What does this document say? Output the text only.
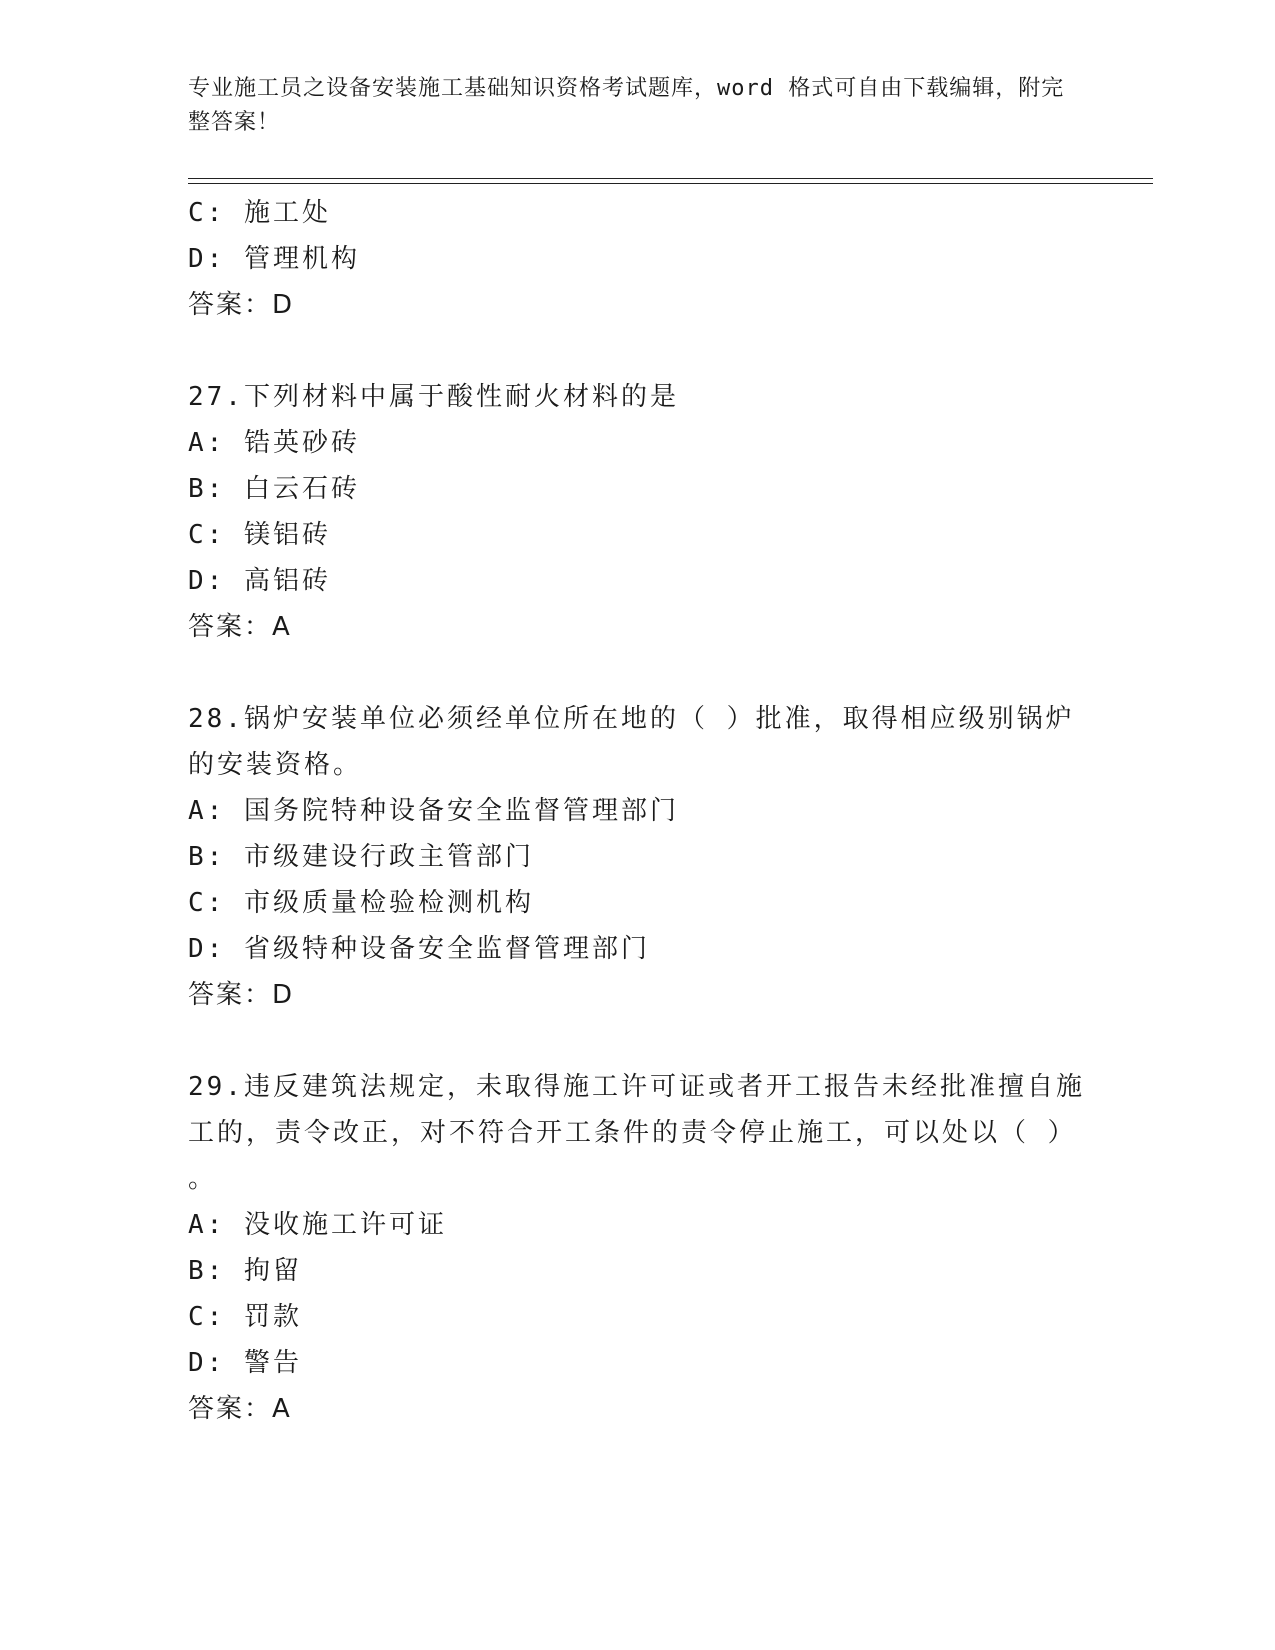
专业施工员之设备安装施工基础知识资格考试题库，word 格式可自由下载编辑，附完整答案！
C: 施工处
D: 管理机构
答案：D
27.下列材料中属于酸性耐火材料的是
A: 锆英砂砖
B: 白云石砖
C: 镁铝砖
D: 高铝砖
答案：A
28.锅炉安装单位必须经单位所在地的（ ）批准，取得相应级别锅炉
的安装资格。
A: 国务院特种设备安全监督管理部门
B: 市级建设行政主管部门
C: 市级质量检验检测机构
D: 省级特种设备安全监督管理部门
答案：D
29.违反建筑法规定，未取得施工许可证或者开工报告未经批准擅自施
工的，责令改正，对不符合开工条件的责令停止施工，可以处以（ ）
。
A: 没收施工许可证
B: 拘留
C: 罚款
D: 警告
答案：A
